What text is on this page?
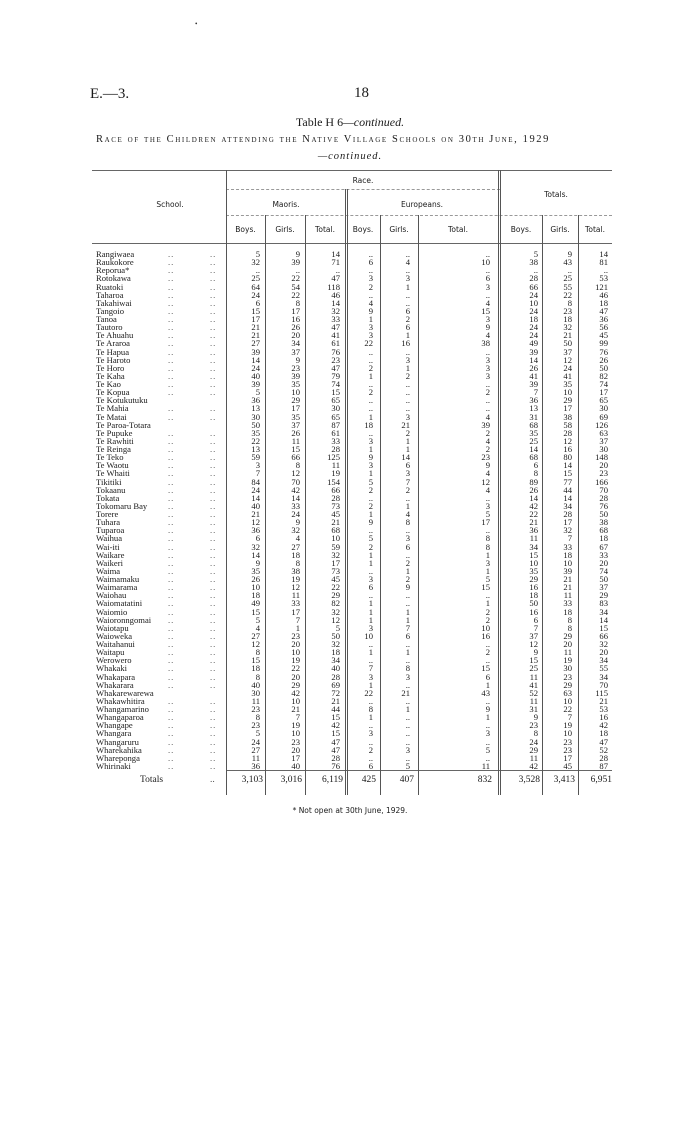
•
E.—3.	18
Table H 6—continued.
Race of the Children attending the Native Village Schools on 30th June, 1929
—continued.
School.
Race.
Maoris.	Europeans.
Totals.
Boys.	Girls.	Total.	Boys.	Girls.	Total.	Boys.	Girls.	Total.
Rangiwaea	..	..	5	9	14	..	..	..	5	9	14
Raukokore	..	..	32	39	71	6	4	10	38	43	81
Reporua*	..	..	..	..	..	..	..	..	..	..	..
Rotokawa	..	..	25	22	47	3	3	6	28	25	53
Ruatoki	..	..	64	54	118	2	1	3	66	55	121
Taharoa	..	..	24	22	46	..	..	..	24	22	46
Takahiwai	..	..	6	8	14	4	..	4	10	8	18
Tangoio	..	..	15	17	32	9	6	15	24	23	47
Tanoa	..	..	17	16	33	1	2	3	18	18	36
Tautoro	..	..	21	26	47	3	6	9	24	32	56
Te Ahuahu	..	..	21	20	41	3	1	4	24	21	45
Te Araroa	..	..	27	34	61	22	16	38	49	50	99
Te Hapua	..	..	39	37	76	..	..	..	39	37	76
Te Haroto	..	..	14	9	23	..	3	3	14	12	26
Te Horo	..	..	24	23	47	2	1	3	26	24	50
Te Kaha	..	..	40	39	79	1	2	3	41	41	82
Te Kao	..	..	39	35	74	..	..	..	39	35	74
Te Kopua	..	..	5	10	15	2	..	2	7	10	17
Te Kotukutuku	36	29	65	..	..	..	36	29	65
Te Mahia	..	..	13	17	30	..	..	..	13	17	30
Te Matai	..	..	30	35	65	1	3	4	31	38	69
Te Paroa-Totara	50	37	87	18	21	39	68	58	126
Te Pupuke	..	..	35	26	61	..	2	2	35	28	63
Te Rawhiti	..	..	22	11	33	3	1	4	25	12	37
Te Reinga	..	..	13	15	28	1	1	2	14	16	30
Te Teko	..	..	59	66	125	9	14	23	68	80	148
Te Waotu	..	..	3	8	11	3	6	9	6	14	20
Te Whaiti	..	..	7	12	19	1	3	4	8	15	23
Tikitiki	..	..	84	70	154	5	7	12	89	77	166
Tokaanu	..	..	24	42	66	2	2	4	26	44	70
Tokata	..	..	14	14	28	..	..	..	14	14	28
Tokomaru Bay ..	..	40	33	73	2	1	3	42	34	76
Torere	..	..	21	24	45	1	4	5	22	28	50
Tuhara	..	..	12	9	21	9	8	17	21	17	38
Tuparoa	..	..	36	32	68	..	..	..	36	32	68
Waihua	..	..	6	4	10	5	3	8	11	7	18
Wai-iti	..	..	32	27	59	2	6	8	34	33	67
Waikare	..	..	14	18	32	1	..	1	15	18	33
Waikeri	..	..	9	8	17	1	2	3	10	10	20
Waima	..	..	35	38	73	..	1	1	35	39	74
Waimamaku	..	..	26	19	45	3	2	5	29	21	50
Waimarama	..	..	10	12	22	6	9	15	16	21	37
Waiohau	..	..	18	11	29	..	..	..	18	11	29
Waiomatatini	..	..	49	33	82	1	..	1	50	33	83
Waiomio	..	..	15	17	32	1	1	2	16	18	34
Waioronngomai ..	..	5	7	12	1	1	2	6	8	14
Waiotapu	..	..	4	1	5	3	7	10	7	8	15
Waioweka	..	..	27	23	50	10	6	16	37	29	66
Waitahanui	..	..	12	20	32	..	..	..	12	20	32
Waitapu	..	..	8	10	18	1	1	2	9	11	20
Werowero	..	..	15	19	34	..	..	..	15	19	34
Whakaki	..	..	18	22	40	7	8	15	25	30	55
Whakapara	..	..	8	20	28	3	3	6	11	23	34
Whakarara	..	..	40	29	69	1	..	1	41	29	70
Whakarewarewa	30	42	72	22	21	43	52	63	115
Whakawhitira	..	..	11	10	21	..	..	..	11	10	21
Whangamarino ..	..	23	21	44	8	1	9	31	22	53
Whangaparoa	..	..	8	7	15	1	..	1	9	7	16
Whangape	..	..	23	19	42	..	..	..	23	19	42
Whangara	..	..	5	10	15	3	..	3	8	10	18
Whangaruru	..	..	24	23	47	..	..	..	24	23	47
Wharekahika	..	..	27	20	47	2	3	5	29	23	52
Whareponga	..	..	11	17	28	..	..	..	11	17	28
Whirinaki	..	..	36	40	76	6	5	11	42	45	87
Totals	..	3,103	3,016	6,119	425	407	832	3,528	3,413	6,951
* Not open at 30th June, 1929.
